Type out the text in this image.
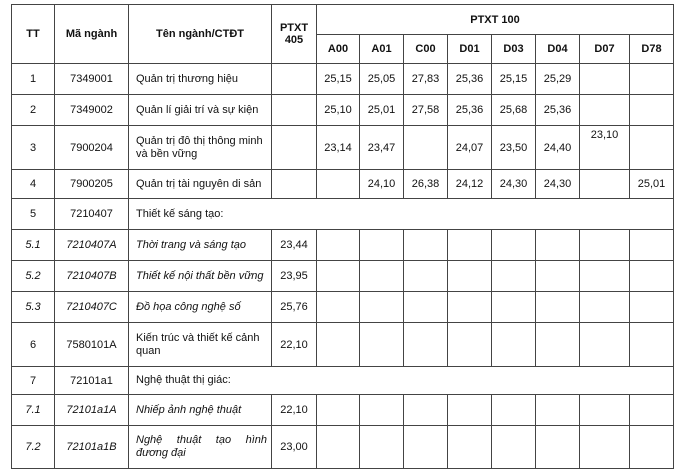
TT	Mã ngành	Tên ngành/CTĐT	PTXT 405	PTXT 100							
				A00	A01	C00	D01	D03	D04	D07	D78
1	7349001	Quản trị thương hiệu		25,15	25,05	27,83	25,36	25,15	25,29		
2	7349002	Quản lí giải trí và sự kiện		25,10	25,01	27,58	25,36	25,68	25,36		
3	7900204	Quản trị đô thị thông minh và bền vững		23,14	23,47		24,07	23,50	24,40	23,10	
4	7900205	Quản trị tài nguyên di sản			24,10	26,38	24,12	24,30	24,30		25,01
5	7210407	Thiết kế sáng tạo:									
5.1	7210407A	Thời trang và sáng tạo	23,44								
5.2	7210407B	Thiết kế nội thất bền vững	23,95								
5.3	7210407C	Đồ họa công nghệ số	25,76								
6	7580101A	Kiến trúc và thiết kế cảnh quan	22,10								
7	72101a1	Nghệ thuật thị giác:									
7.1	72101a1A	Nhiếp ảnh nghệ thuật	22,10								
7.2	72101a1B	Nghệ thuật tạo hình đương đại	23,00								
